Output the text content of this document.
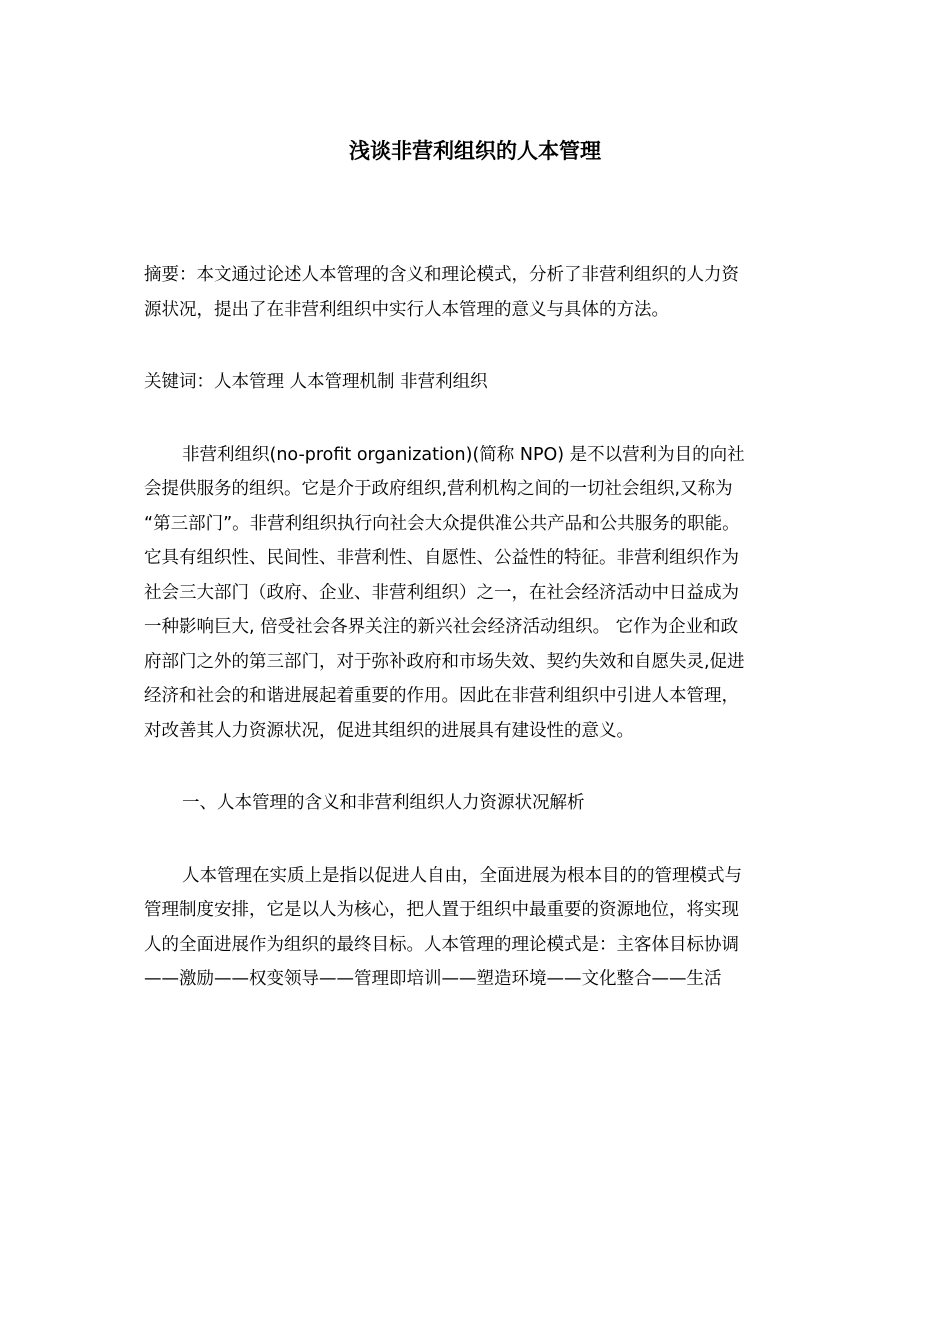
浅谈非营利组织的人本管理

摘要：本文通过论述人本管理的含义和理论模式，分析了非营利组织的人力资
源状况，提出了在非营利组织中实行人本管理的意义与具体的方法。

关键词：人本管理 人本管理机制 非营利组织

非营利组织(no-profit organization)(简称 NPO) 是不以营利为目的向社
会提供服务的组织。它是介于政府组织,营利机构之间的一切社会组织,又称为
“第三部门”。非营利组织执行向社会大众提供准公共产品和公共服务的职能。
它具有组织性、民间性、非营利性、自愿性、公益性的特征。非营利组织作为
社会三大部门（政府、企业、非营利组织）之一，在社会经济活动中日益成为
一种影响巨大, 倍受社会各界关注的新兴社会经济活动组织。 它作为企业和政
府部门之外的第三部门，对于弥补政府和市场失效、契约失效和自愿失灵,促进
经济和社会的和谐进展起着重要的作用。因此在非营利组织中引进人本管理，
对改善其人力资源状况，促进其组织的进展具有建设性的意义。

一、人本管理的含义和非营利组织人力资源状况解析

人本管理在实质上是指以促进人自由，全面进展为根本目的的管理模式与
管理制度安排，它是以人为核心，把人置于组织中最重要的资源地位，将实现
人的全面进展作为组织的最终目标。人本管理的理论模式是：主客体目标协调
——激励——权变领导——管理即培训——塑造环境——文化整合——生活
